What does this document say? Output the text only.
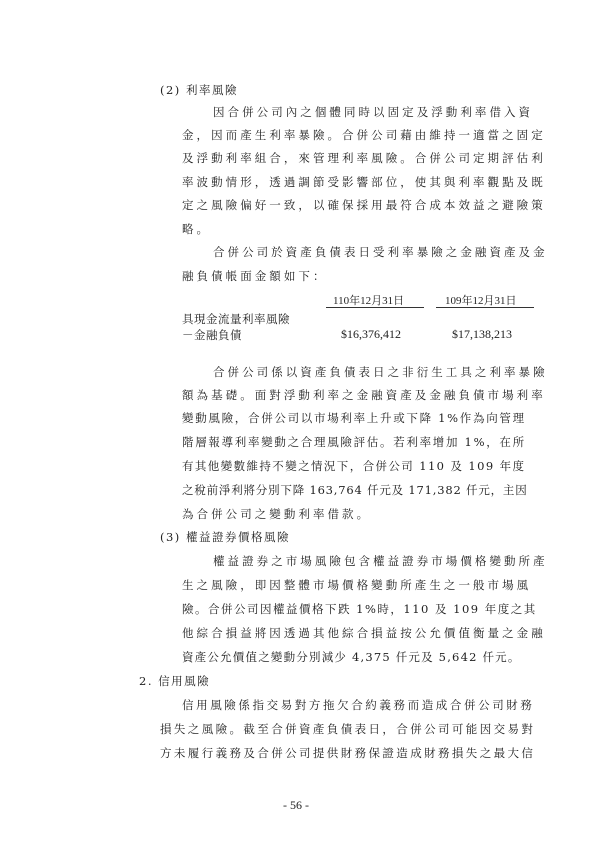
(2) 利率風險
因合併公司內之個體同時以固定及浮動利率借入資
金，因而產生利率暴險。合併公司藉由維持一適當之固定
及浮動利率組合，來管理利率風險。合併公司定期評估利
率波動情形，透過調節受影響部位，使其與利率觀點及既
定之風險偏好一致，以確保採用最符合成本效益之避險策
略。
合併公司於資產負債表日受利率暴險之金融資產及金
融負債帳面金額如下：
110年12月31日	109年12月31日
具現金流量利率風險
－金融負債	$16,376,412	$17,138,213
合併公司係以資產負債表日之非衍生工具之利率暴險
額為基礎。面對浮動利率之金融資產及金融負債市場利率
變動風險，合併公司以市場利率上升或下降 1%作為向管理
階層報導利率變動之合理風險評估。若利率增加 1%，在所
有其他變數維持不變之情況下，合併公司 110 及 109 年度
之稅前淨利將分別下降 163,764 仟元及 171,382 仟元，主因
為合併公司之變動利率借款。
(3) 權益證券價格風險
權益證券之市場風險包含權益證券市場價格變動所產
生之風險，即因整體市場價格變動所產生之一般市場風
險。合併公司因權益價格下跌 1%時，110 及 109 年度之其
他綜合損益將因透過其他綜合損益按公允價值衡量之金融
資產公允價值之變動分別減少 4,375 仟元及 5,642 仟元。
2. 信用風險
信用風險係指交易對方拖欠合約義務而造成合併公司財務
損失之風險。截至合併資產負債表日，合併公司可能因交易對
方未履行義務及合併公司提供財務保證造成財務損失之最大信
- 56 -
